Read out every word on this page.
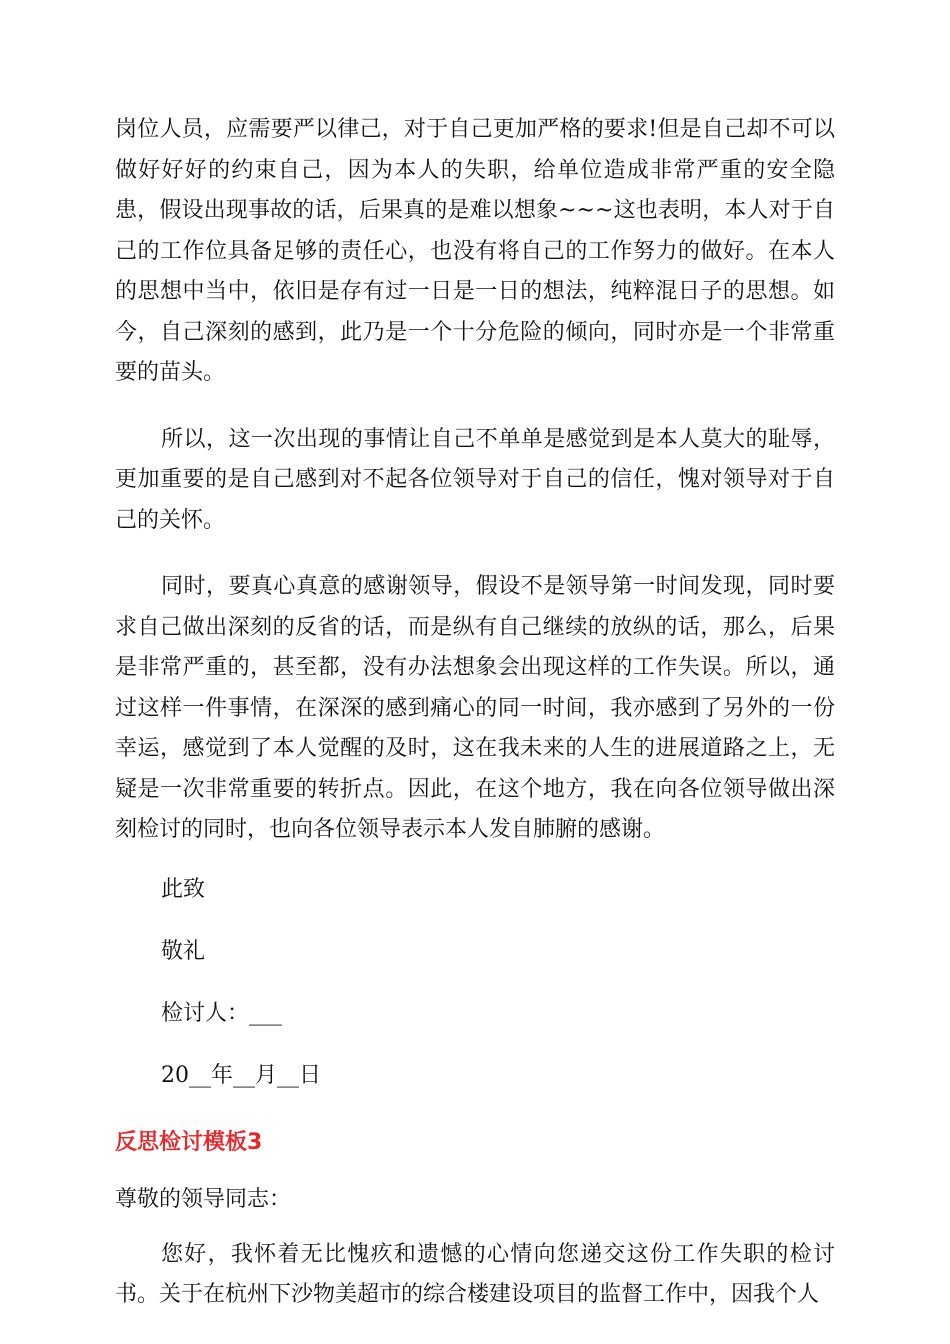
岗位人员，应需要严以律己，对于自己更加严格的要求!但是自己却不可以做好好好的约束自己，因为本人的失职，给单位造成非常严重的安全隐患，假设出现事故的话，后果真的是难以想象~~~这也表明，本人对于自己的工作位具备足够的责任心，也没有将自己的工作努力的做好。在本人的思想中当中，依旧是存有过一日是一日的想法，纯粹混日子的思想。如今，自己深刻的感到，此乃是一个十分危险的倾向，同时亦是一个非常重要的苗头。

所以，这一次出现的事情让自己不单单是感觉到是本人莫大的耻辱，更加重要的是自己感到对不起各位领导对于自己的信任，愧对领导对于自己的关怀。

同时，要真心真意的感谢领导，假设不是领导第一时间发现，同时要求自己做出深刻的反省的话，而是纵有自己继续的放纵的话，那么，后果是非常严重的，甚至都，没有办法想象会出现这样的工作失误。所以，通过这样一件事情，在深深的感到痛心的同一时间，我亦感到了另外的一份幸运，感觉到了本人觉醒的及时，这在我未来的人生的进展道路之上，无疑是一次非常重要的转折点。因此，在这个地方，我在向各位领导做出深刻检讨的同时，也向各位领导表示本人发自肺腑的感谢。

此致

敬礼

检讨人：___

20__年__月__日

反思检讨模板3

尊敬的领导同志：

您好，我怀着无比愧疚和遗憾的心情向您递交这份工作失职的检讨书。关于在杭州下沙物美超市的综合楼建设项目的监督工作中，因我个人
